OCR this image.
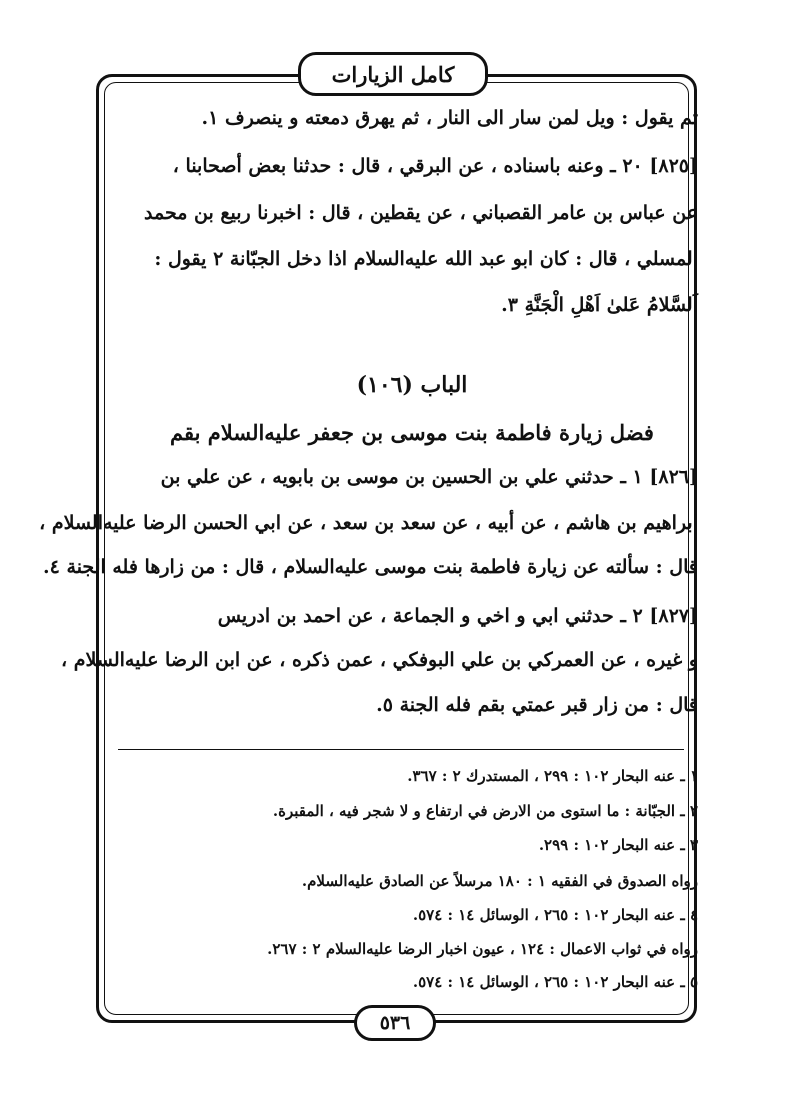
كامل الزيارات
ثم يقول : ويل لمن سار الى النار ، ثم يهرق دمعته و ينصرف ١.
[٨٢٥] ٢٠ ـ وعنه باسناده ، عن البرقي ، قال : حدثنا بعض أصحابنا ،
عن عباس بن عامر القصباني ، عن يقطين ، قال : اخبرنا ربيع بن محمد
المسلي ، قال : كان ابو عبد الله عليه‌السلام اذا دخل الجبّانة ٢ يقول :
اَلسَّلامُ عَلىٰ اَهْلِ الْجَنَّةِ ٣.
الباب (١٠٦)
فضل زيارة فاطمة بنت موسى بن جعفر عليه‌السلام بقم
[٨٢٦] ١ ـ حدثني علي بن الحسين بن موسى بن بابويه ، عن علي بن
ابراهيم بن هاشم ، عن أبيه ، عن سعد بن سعد ، عن ابي الحسن الرضا عليه‌السلام ،
قال : سألته عن زيارة فاطمة بنت موسى عليه‌السلام ، قال : من زارها فله الجنة ٤.
[٨٢٧] ٢ ـ حدثني ابي و اخي و الجماعة ، عن احمد بن ادريس
و غيره ، عن العمركي بن علي البوفكي ، عمن ذكره ، عن ابن الرضا عليه‌السلام ،
قال : من زار قبر عمتي بقم فله الجنة ٥.
١ ـ عنه البحار ١٠٢ : ٢٩٩ ، المستدرك ٢ : ٣٦٧.
٢ ـ الجبّانة : ما استوى من الارض في ارتفاع و لا شجر فيه ، المقبرة.
٣ ـ عنه البحار ١٠٢ : ٢٩٩.
رواه الصدوق في الفقيه ١ : ١٨٠ مرسلاً عن الصادق عليه‌السلام.
٤ ـ عنه البحار ١٠٢ : ٢٦٥ ، الوسائل ١٤ : ٥٧٤.
رواه في ثواب الاعمال : ١٢٤ ، عيون اخبار الرضا عليه‌السلام ٢ : ٢٦٧.
٥ ـ عنه البحار ١٠٢ : ٢٦٥ ، الوسائل ١٤ : ٥٧٤.
٥٣٦
